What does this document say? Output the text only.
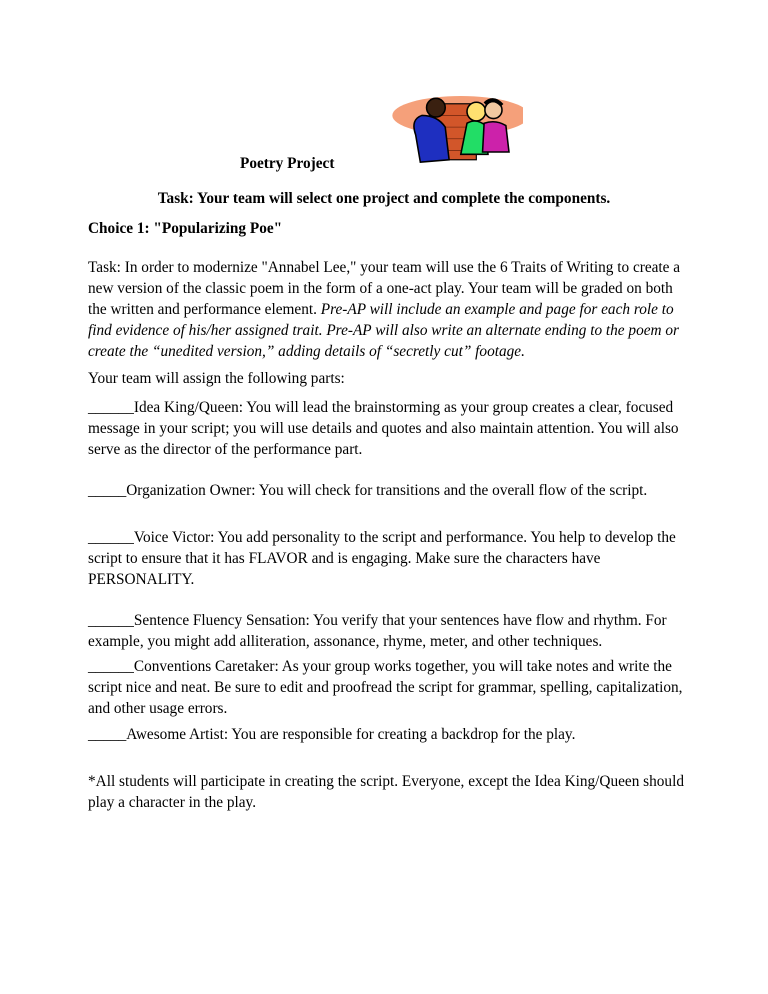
Poetry Project
Task: Your team will select one project and complete the components.
Choice 1: "Popularizing Poe"
Task: In order to modernize "Annabel Lee," your team will use the 6 Traits of Writing to create a new version of the classic poem in the form of a one-act play. Your team will be graded on both the written and performance element. Pre-AP will include an example and page for each role to find evidence of his/her assigned trait. Pre-AP will also write an alternate ending to the poem or create the “unedited version,” adding details of “secretly cut” footage.
Your team will assign the following parts:
______Idea King/Queen: You will lead the brainstorming as your group creates a clear, focused message in your script; you will use details and quotes and also maintain attention. You will also serve as the director of the performance part.
_____Organization Owner: You will check for transitions and the overall flow of the script.
______Voice Victor: You add personality to the script and performance. You help to develop the script to ensure that it has FLAVOR and is engaging. Make sure the characters have PERSONALITY.
______Sentence Fluency Sensation: You verify that your sentences have flow and rhythm. For example, you might add alliteration, assonance, rhyme, meter, and other techniques.
______Conventions Caretaker: As your group works together, you will take notes and write the script nice and neat. Be sure to edit and proofread the script for grammar, spelling, capitalization, and other usage errors.
_____Awesome Artist: You are responsible for creating a backdrop for the play.
*All students will participate in creating the script. Everyone, except the Idea King/Queen should play a character in the play.
